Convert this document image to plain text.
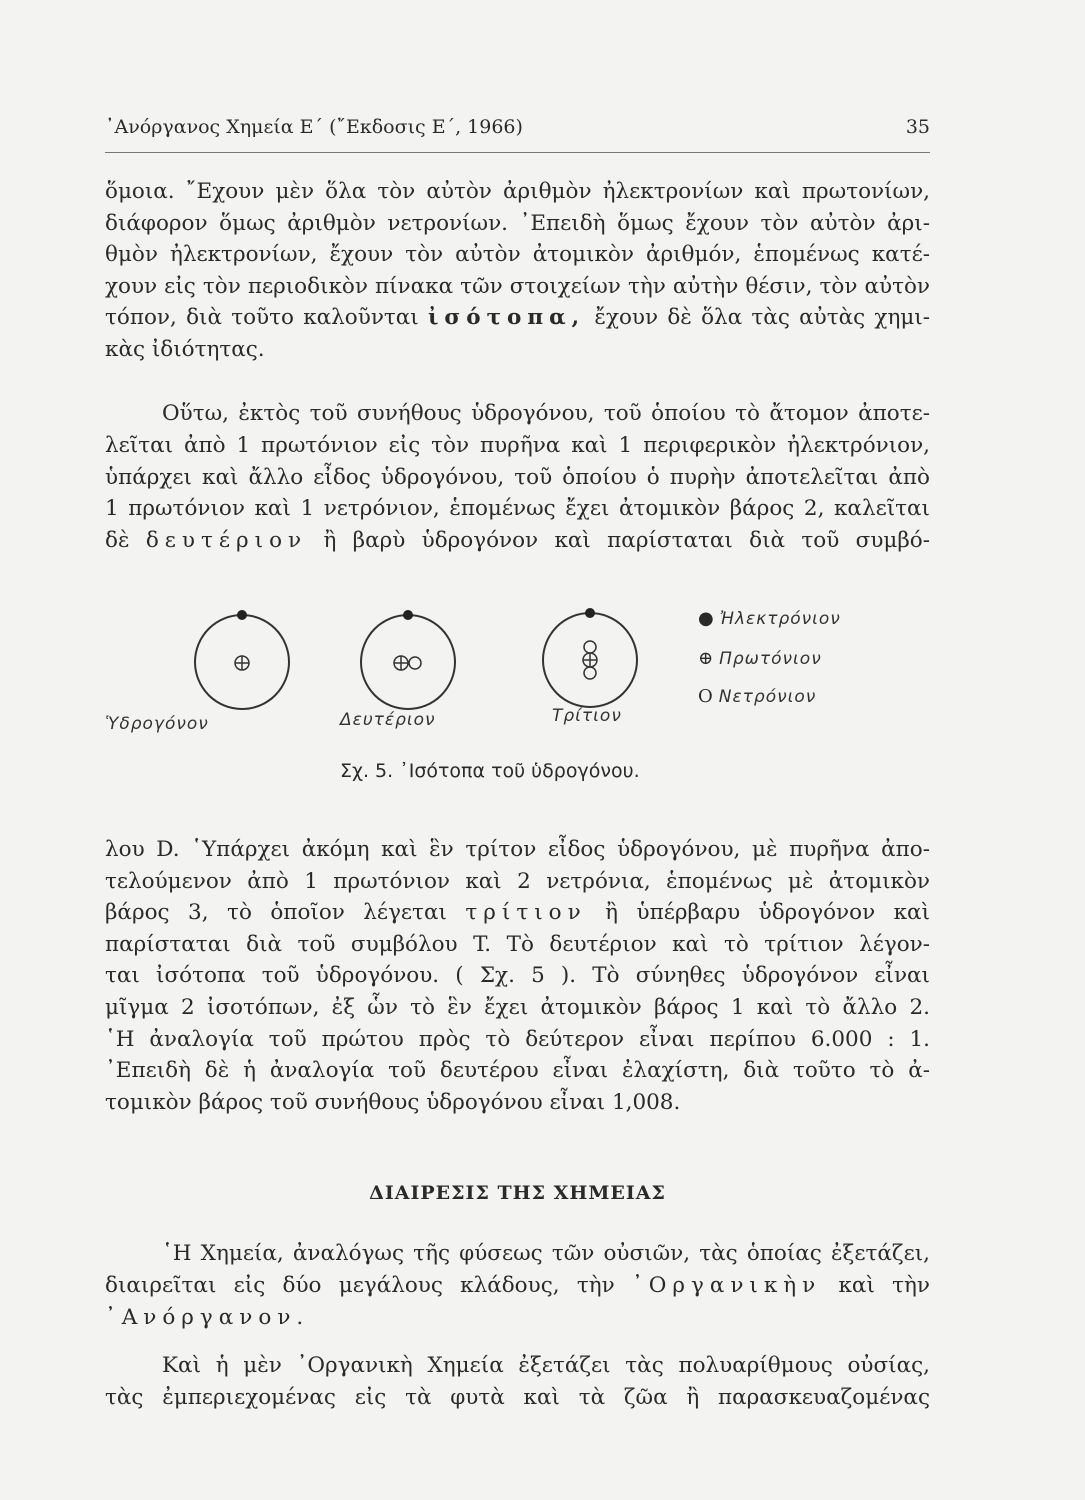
᾿Ανόργανος Χημεία Ε΄ (῎Εκδοσις Ε΄, 1966)	35
ὅμοια. ῎Εχουν μὲν ὅλα τὸν αὐτὸν ἀριθμὸν ἠλεκτρονίων καὶ πρωτονίων,
διάφορον ὅμως ἀριθμὸν νετρονίων. ᾿Επειδὴ ὅμως ἔχουν τὸν αὐτὸν ἀρι-
θμὸν ἠλεκτρονίων, ἔχουν τὸν αὐτὸν ἀτομικὸν ἀριθμόν, ἑπομένως κατέ-
χουν εἰς τὸν περιοδικὸν πίνακα τῶν στοιχείων τὴν αὐτὴν θέσιν, τὸν αὐτὸν
τόπον, διὰ τοῦτο καλοῦνται ἰσότοπα, ἔχουν δὲ ὅλα τὰς αὐτὰς χημι-
κὰς ἰδιότητας.
Οὕτω, ἐκτὸς τοῦ συνήθους ὑδρογόνου, τοῦ ὁποίου τὸ ἄτομον ἀποτε-
λεῖται ἀπὸ 1 πρωτόνιον εἰς τὸν πυρῆνα καὶ 1 περιφερικὸν ἠλεκτρόνιον,
ὑπάρχει καὶ ἄλλο εἶδος ὑδρογόνου, τοῦ ὁποίου ὁ πυρὴν ἀποτελεῖται ἀπὸ
1 πρωτόνιον καὶ 1 νετρόνιον, ἑπομένως ἔχει ἀτομικὸν βάρος 2, καλεῖται
δὲ δευτέριον ἢ βαρὺ ὑδρογόνον καὶ παρίσταται διὰ τοῦ συμβό-
Ὑδρογόνον	Δευτέριον	Τρίτιον
● Ἠλεκτρόνιον
⊕ Πρωτόνιον
O Νετρόνιον
Σχ. 5. ᾿Ισότοπα τοῦ ὑδρογόνου.
λου D. ῾Υπάρχει ἀκόμη καὶ ἓν τρίτον εἶδος ὑδρογόνου, μὲ πυρῆνα ἀπο-
τελούμενον ἀπὸ 1 πρωτόνιον καὶ 2 νετρόνια, ἑπομένως μὲ ἀτομικὸν
βάρος 3, τὸ ὁποῖον λέγεται τρίτιον ἢ ὑπέρβαρυ ὑδρογόνον καὶ
παρίσταται διὰ τοῦ συμβόλου T. Τὸ δευτέριον καὶ τὸ τρίτιον λέγον-
ται ἰσότοπα τοῦ ὑδρογόνου. ( Σχ. 5 ). Τὸ σύνηθες ὑδρογόνον εἶναι
μῖγμα 2 ἰσοτόπων, ἐξ ὧν τὸ ἓν ἔχει ἀτομικὸν βάρος 1 καὶ τὸ ἄλλο 2.
῾Η ἀναλογία τοῦ πρώτου πρὸς τὸ δεύτερον εἶναι περίπου 6.000 : 1.
᾿Επειδὴ δὲ ἡ ἀναλογία τοῦ δευτέρου εἶναι ἐλαχίστη, διὰ τοῦτο τὸ ἀ-
τομικὸν βάρος τοῦ συνήθους ὑδρογόνου εἶναι 1,008.
ΔΙΑΙΡΕΣΙΣ ΤΗΣ ΧΗΜΕΙΑΣ
῾Η Χημεία, ἀναλόγως τῆς φύσεως τῶν οὐσιῶν, τὰς ὁποίας ἐξετάζει,
διαιρεῖται εἰς δύο μεγάλους κλάδους, τὴν ᾿Οργανικὴν καὶ τὴν
᾿Ανόργανον.
Καὶ ἡ μὲν ᾿Οργανικὴ Χημεία ἐξετάζει τὰς πολυαρίθμους οὐσίας,
τὰς ἐμπεριεχομένας εἰς τὰ φυτὰ καὶ τὰ ζῶα ἢ παρασκευαζομένας
